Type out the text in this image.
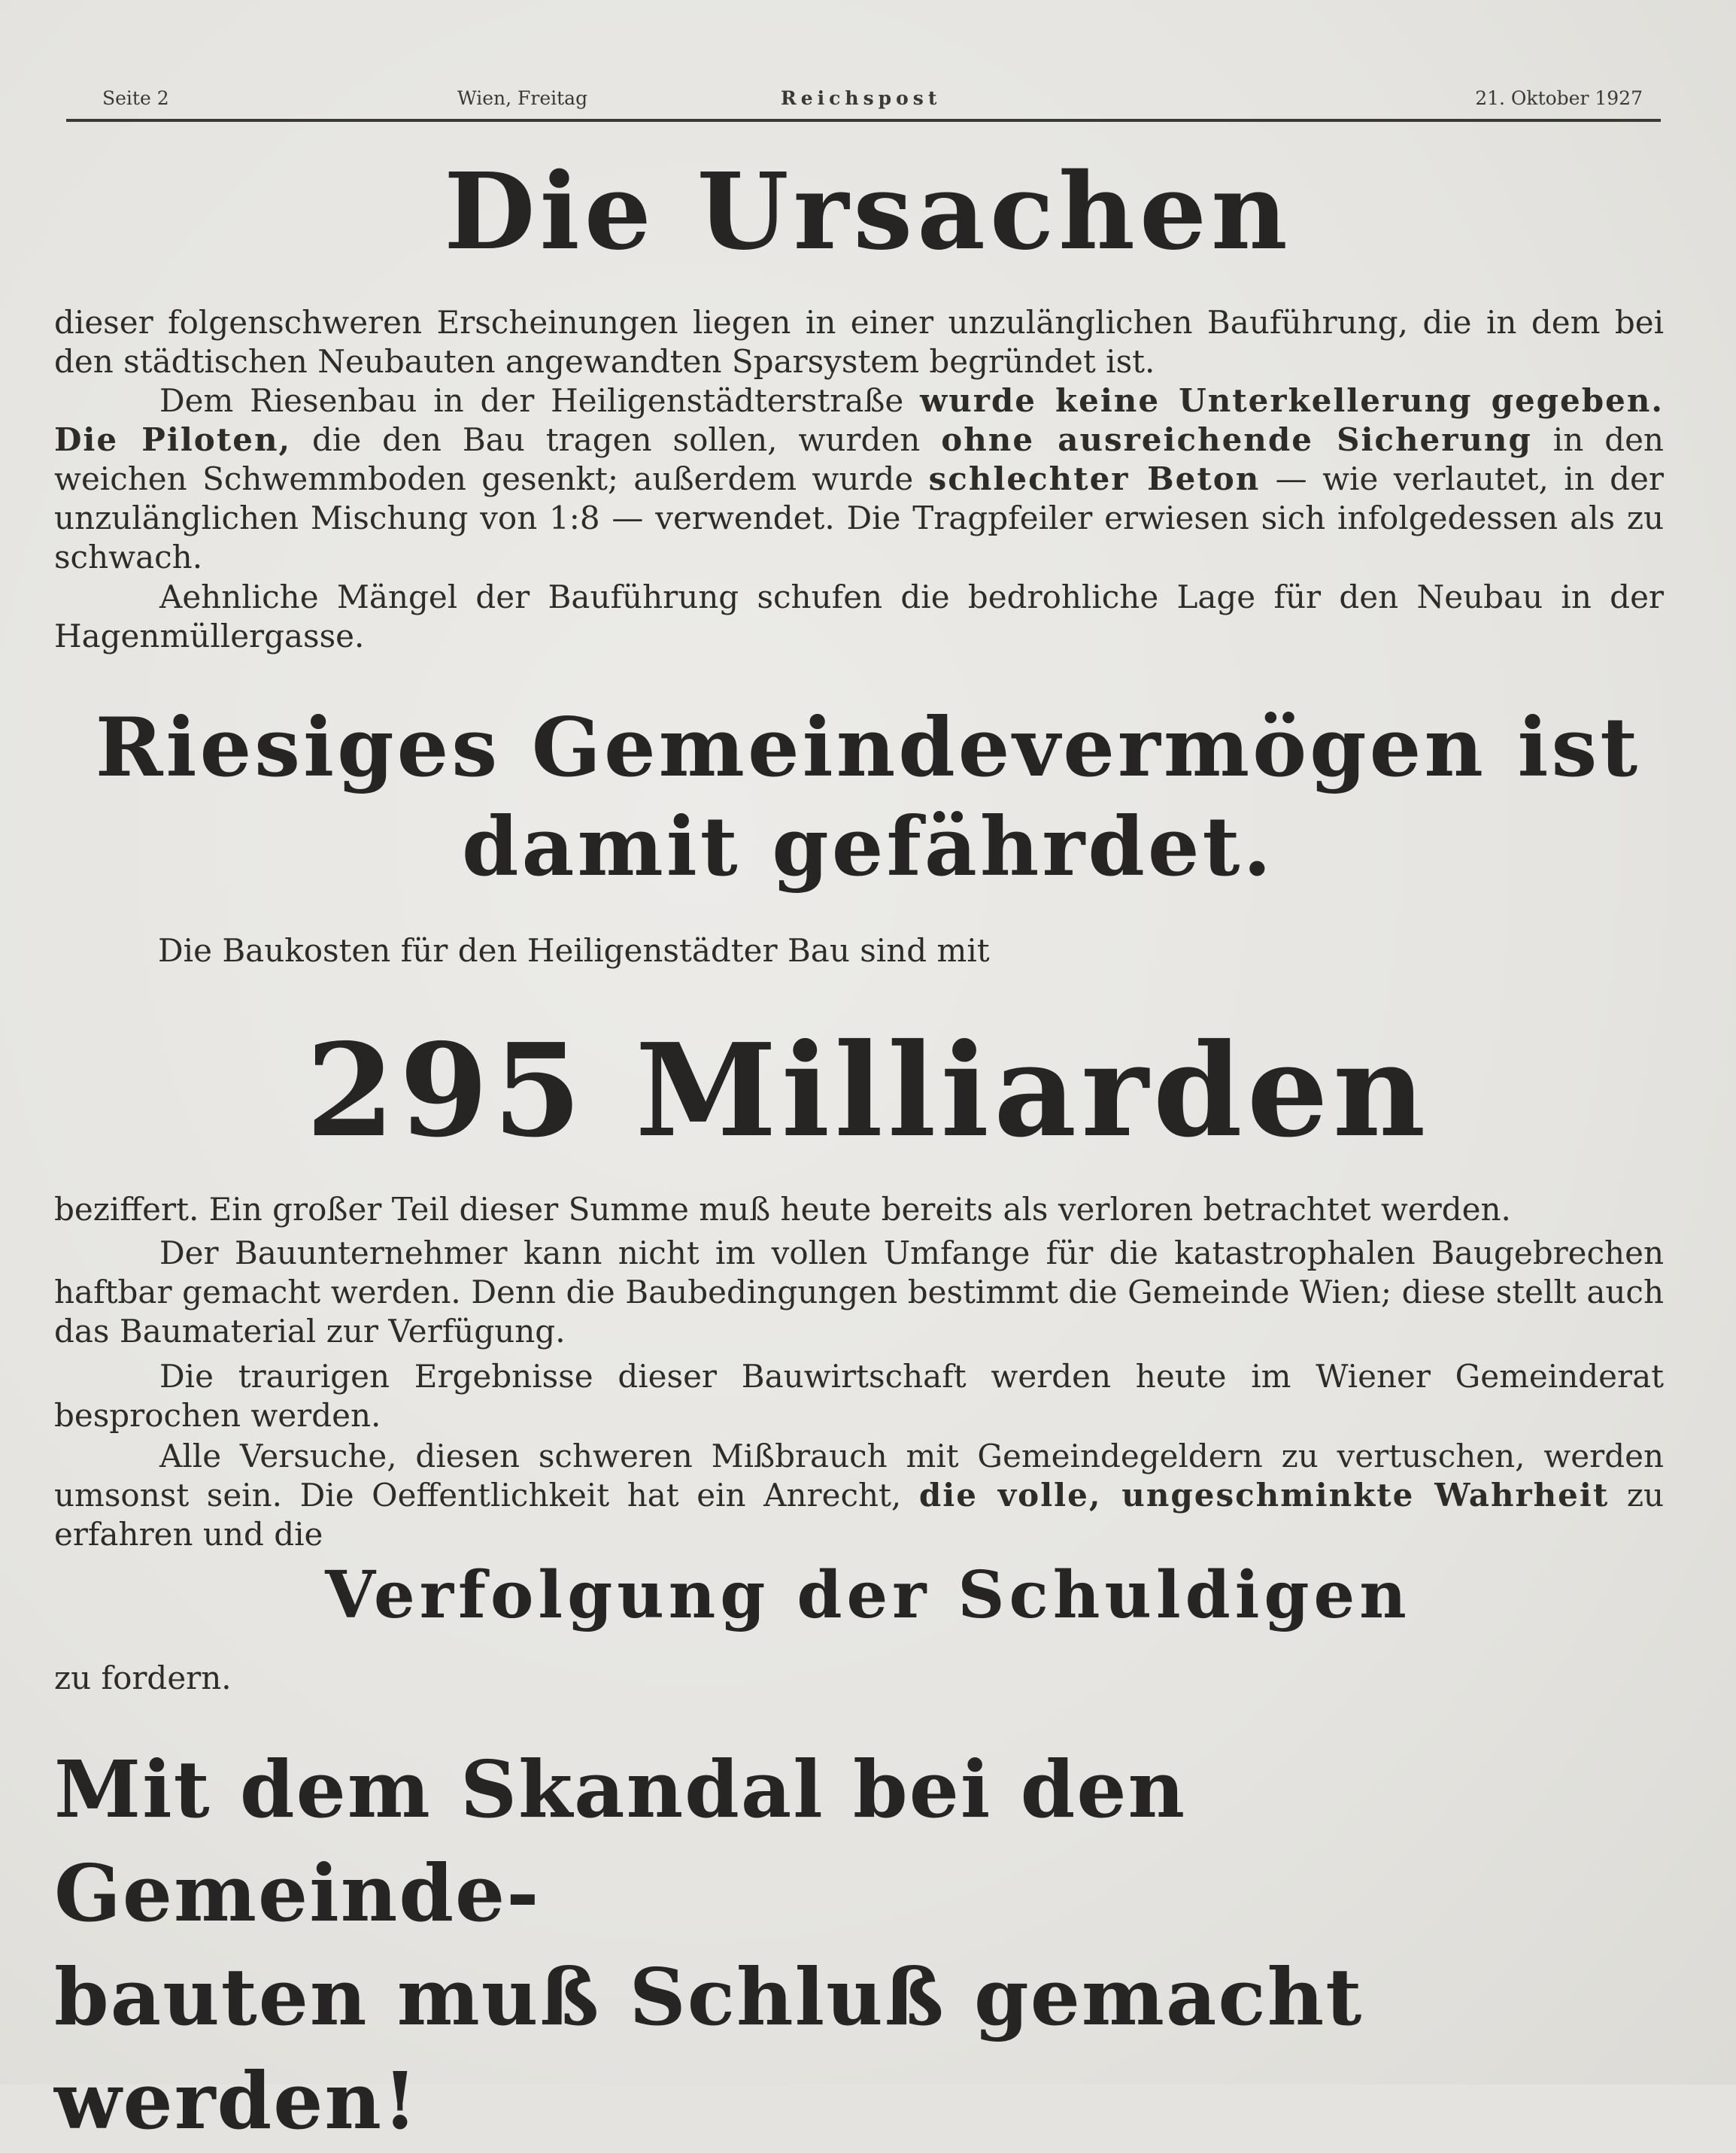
Seite 2	Wien, Freitag	Reichspost	21. Oktober 1927
Die Ursachen

dieser folgenschweren Erscheinungen liegen in einer unzulänglichen Bauführung, die in dem bei den städtischen Neubauten angewandten Sparsystem begründet ist.

Dem Riesenbau in der Heiligenstädterstraße wurde keine Unterkellerung gegeben. Die Piloten, die den Bau tragen sollen, wurden ohne ausreichende Sicherung in den weichen Schwemmboden gesenkt; außerdem wurde schlechter Beton — wie verlautet, in der unzulänglichen Mischung von 1:8 — verwendet. Die Tragpfeiler erwiesen sich infolgedessen als zu schwach.

Aehnliche Mängel der Bauführung schufen die bedrohliche Lage für den Neubau in der Hagenmüllergasse.

Riesiges Gemeindevermögen ist
damit gefährdet.

Die Baukosten für den Heiligenstädter Bau sind mit

295 Milliarden

beziffert. Ein großer Teil dieser Summe muß heute bereits als verloren betrachtet werden.

Der Bauunternehmer kann nicht im vollen Umfange für die katastrophalen Baugebrechen haftbar gemacht werden. Denn die Baubedingungen bestimmt die Gemeinde Wien; diese stellt auch das Baumaterial zur Verfügung.

Die traurigen Ergebnisse dieser Bauwirtschaft werden heute im Wiener Gemeinderat besprochen werden.

Alle Versuche, diesen schweren Mißbrauch mit Gemeindegeldern zu vertuschen, werden umsonst sein. Die Oeffentlichkeit hat ein Anrecht, die volle, ungeschminkte Wahrheit zu erfahren und die

Verfolgung der Schuldigen

zu fordern.

Mit dem Skandal bei den Gemeinde-
bauten muß Schluß gemacht werden!
